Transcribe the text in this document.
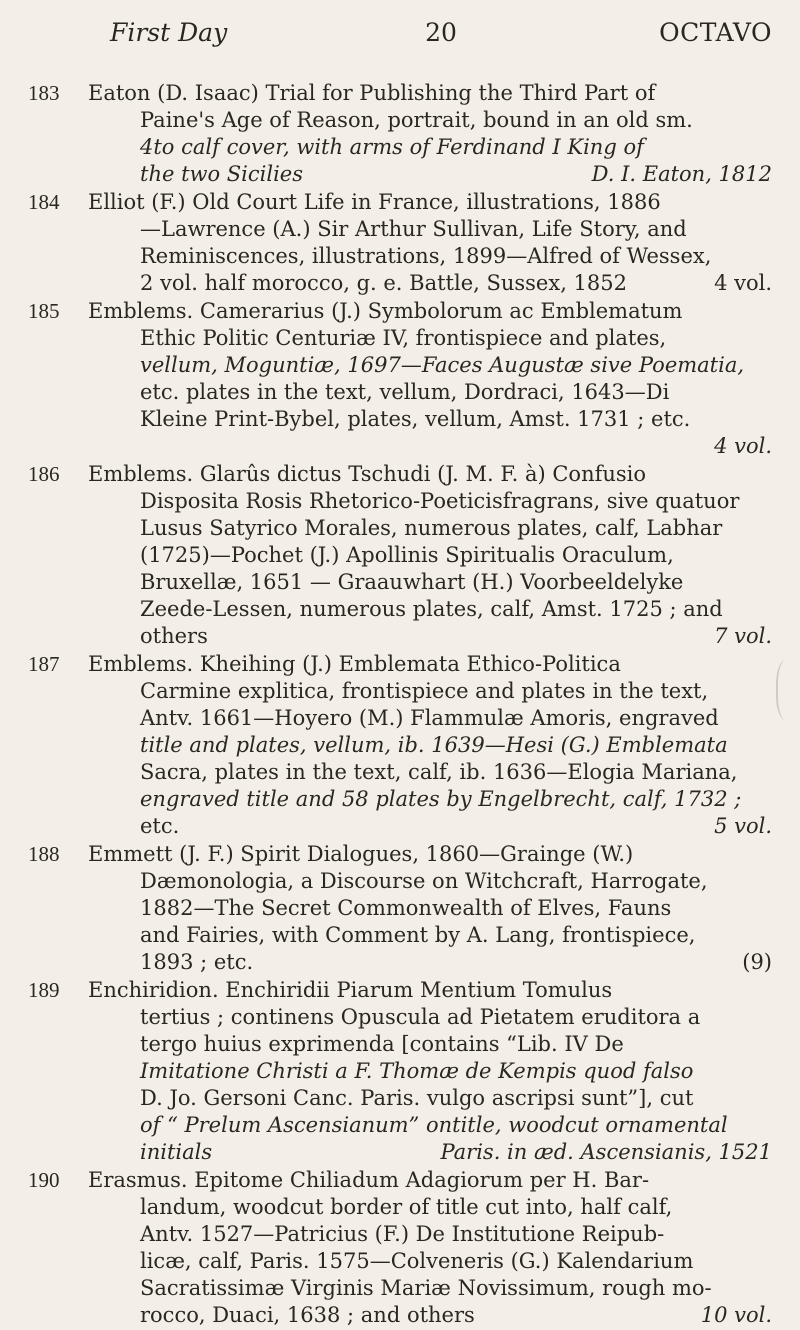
First Day	20	OCTAVO
183	Eaton (D. Isaac) Trial for Publishing the Third Part of
Paine's Age of Reason, portrait, bound in an old sm.
4to calf cover, with arms of Ferdinand I King of
the two Sicilies	D. I. Eaton, 1812
184	Elliot (F.) Old Court Life in France, illustrations, 1886
—Lawrence (A.) Sir Arthur Sullivan, Life Story, and
Reminiscences, illustrations, 1899—Alfred of Wessex,
2 vol. half morocco, g. e. Battle, Sussex, 1852	4 vol.
185	Emblems. Camerarius (J.) Symbolorum ac Emblematum
Ethic Politic Centuriæ IV, frontispiece and plates,
vellum, Moguntiæ, 1697—Faces Augustæ sive Poematia,
etc. plates in the text, vellum, Dordraci, 1643—Di
Kleine Print-Bybel, plates, vellum, Amst. 1731 ; etc.
4 vol.
186	Emblems. Glarûs dictus Tschudi (J. M. F. à) Confusio
Disposita Rosis Rhetorico-Poeticisfragrans, sive quatuor
Lusus Satyrico Morales, numerous plates, calf, Labhar
(1725)—Pochet (J.) Apollinis Spiritualis Oraculum,
Bruxellæ, 1651 — Graauwhart (H.) Voorbeeldelyke
Zeede-Lessen, numerous plates, calf, Amst. 1725 ; and
others	7 vol.
187	Emblems. Kheihing (J.) Emblemata Ethico-Politica
Carmine explitica, frontispiece and plates in the text,
Antv. 1661—Hoyero (M.) Flammulæ Amoris, engraved
title and plates, vellum, ib. 1639—Hesi (G.) Emblemata
Sacra, plates in the text, calf, ib. 1636—Elogia Mariana,
engraved title and 58 plates by Engelbrecht, calf, 1732 ;
etc.	5 vol.
188	Emmett (J. F.) Spirit Dialogues, 1860—Grainge (W.)
Dæmonologia, a Discourse on Witchcraft, Harrogate,
1882—The Secret Commonwealth of Elves, Fauns
and Fairies, with Comment by A. Lang, frontispiece,
1893 ; etc.	(9)
189	Enchiridion. Enchiridii Piarum Mentium Tomulus
tertius ; continens Opuscula ad Pietatem eruditora a
tergo huius exprimenda [contains “Lib. IV De
Imitatione Christi a F. Thomæ de Kempis quod falso
D. Jo. Gersoni Canc. Paris. vulgo ascripsi sunt”], cut
of “ Prelum Ascensianum” ontitle, woodcut ornamental
initials	Paris. in æd. Ascensianis, 1521
190	Erasmus. Epitome Chiliadum Adagiorum per H. Bar-
landum, woodcut border of title cut into, half calf,
Antv. 1527—Patricius (F.) De Institutione Reipub-
licæ, calf, Paris. 1575—Colveneris (G.) Kalendarium
Sacratissimæ Virginis Mariæ Novissimum, rough mo-
rocco, Duaci, 1638 ; and others	10 vol.
